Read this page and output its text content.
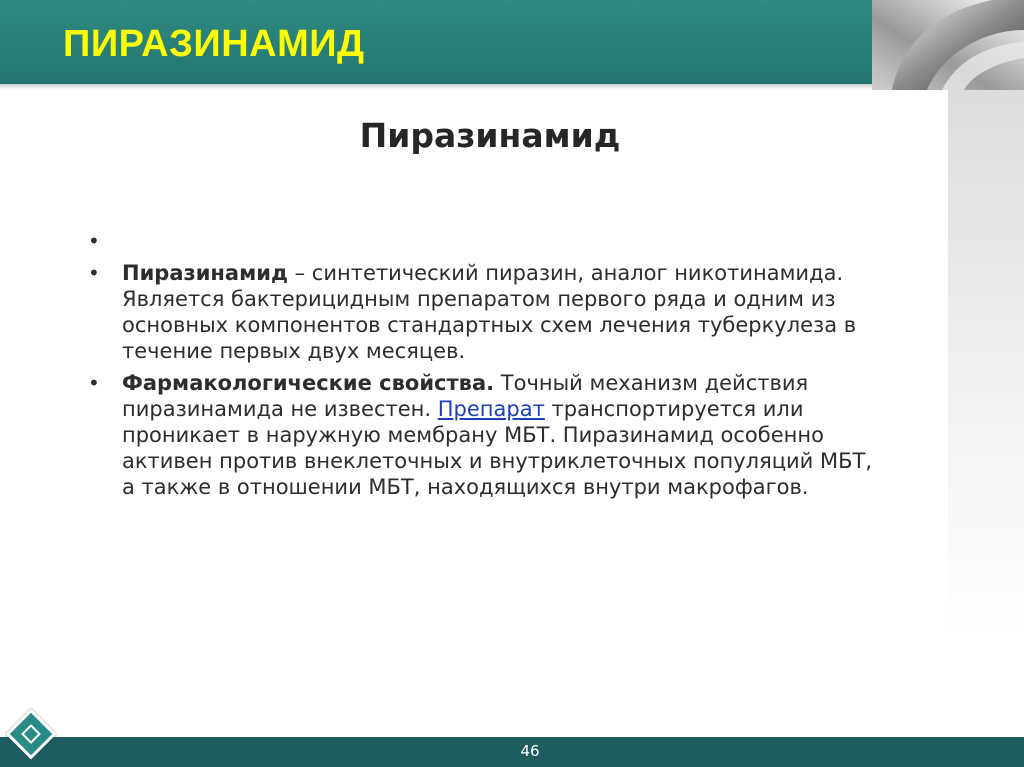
ПИРАЗИНАМИД
Пиразинамид
•
•	Пиразинамид – синтетический пиразин, аналог никотинамида. Является бактерицидным препаратом первого ряда и одним из основных компонентов стандартных схем лечения туберкулеза в течение первых двух месяцев.
•	Фармакологические свойства. Точный механизм действия пиразинамида не известен. Препарат транспортируется или проникает в наружную мембрану МБТ. Пиразинамид особенно активен против внеклеточных и внутриклеточных популяций МБТ, а также в отношении МБТ, находящихся внутри макрофагов.
46
